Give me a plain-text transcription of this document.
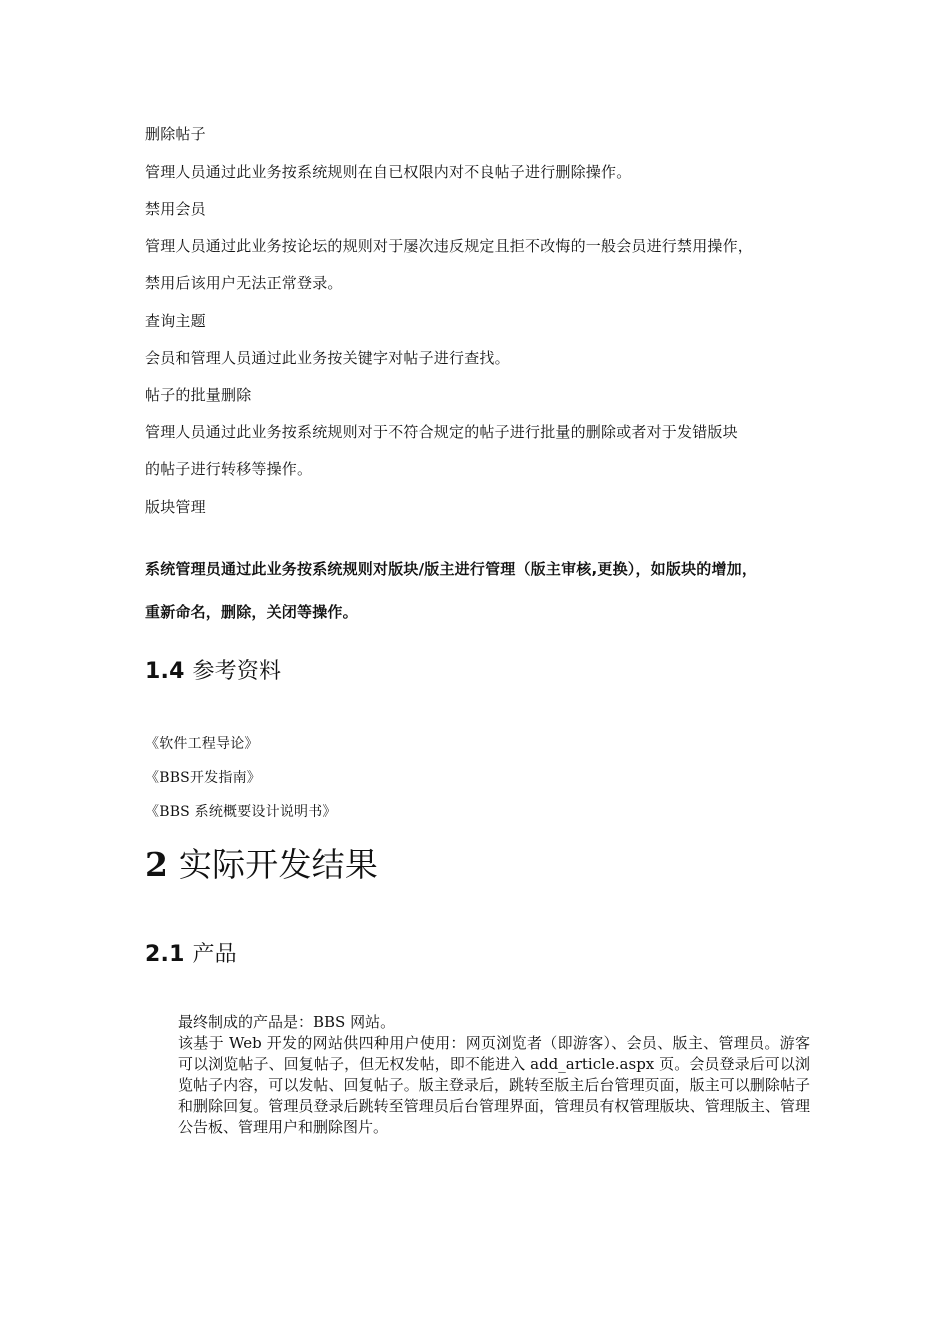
删除帖子
管理人员通过此业务按系统规则在自已权限内对不良帖子进行删除操作。
禁用会员
管理人员通过此业务按论坛的规则对于屡次违反规定且拒不改悔的一般会员进行禁用操作，
禁用后该用户无法正常登录。
查询主题
会员和管理人员通过此业务按关键字对帖子进行查找。
帖子的批量删除
管理人员通过此业务按系统规则对于不符合规定的帖子进行批量的删除或者对于发错版块
的帖子进行转移等操作。
版块管理
系统管理员通过此业务按系统规则对版块/版主进行管理（版主审核,更换），如版块的增加，
重新命名，删除，关闭等操作。
1.4 参考资料
《软件工程导论》
《BBS开发指南》
《BBS 系统概要设计说明书》
2 实际开发结果
2.1 产品

最终制成的产品是：BBS 网站。

该基于 Web 开发的网站供四种用户使用：网页浏览者（即游客）、会员、版主、管理员。游客可以浏览帖子、回复帖子，但无权发帖，即不能进入 add_article.aspx 页。会员登录后可以浏览帖子内容，可以发帖、回复帖子。版主登录后，跳转至版主后台管理页面，版主可以删除帖子和删除回复。管理员登录后跳转至管理员后台管理界面，管理员有权管理版块、管理版主、管理公告板、管理用户和删除图片。
